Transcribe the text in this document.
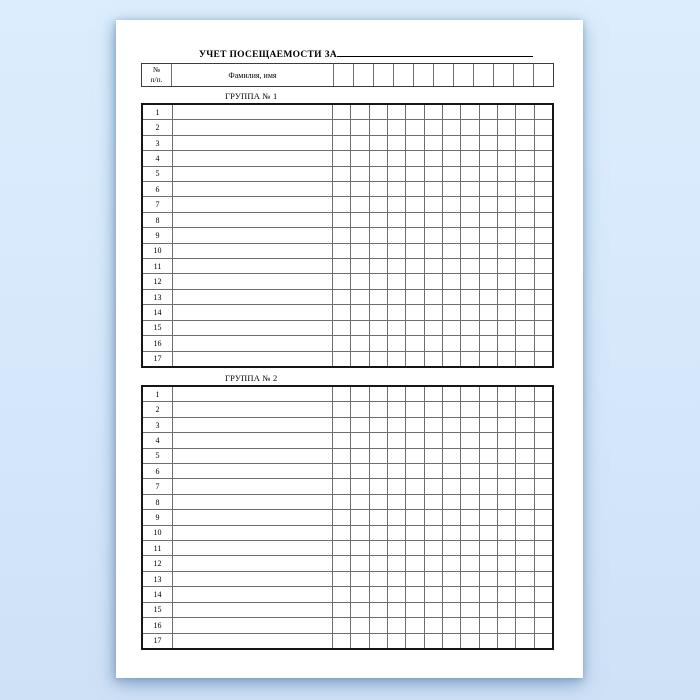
УЧЕТ ПОСЕЩАЕМОСТИ ЗА
№
п/п.	Фамилия, имя
ГРУППА № 1
1
2
3
4
5
6
7
8
9
10
11
12
13
14
15
16
17
ГРУППА № 2
1
2
3
4
5
6
7
8
9
10
11
12
13
14
15
16
17
